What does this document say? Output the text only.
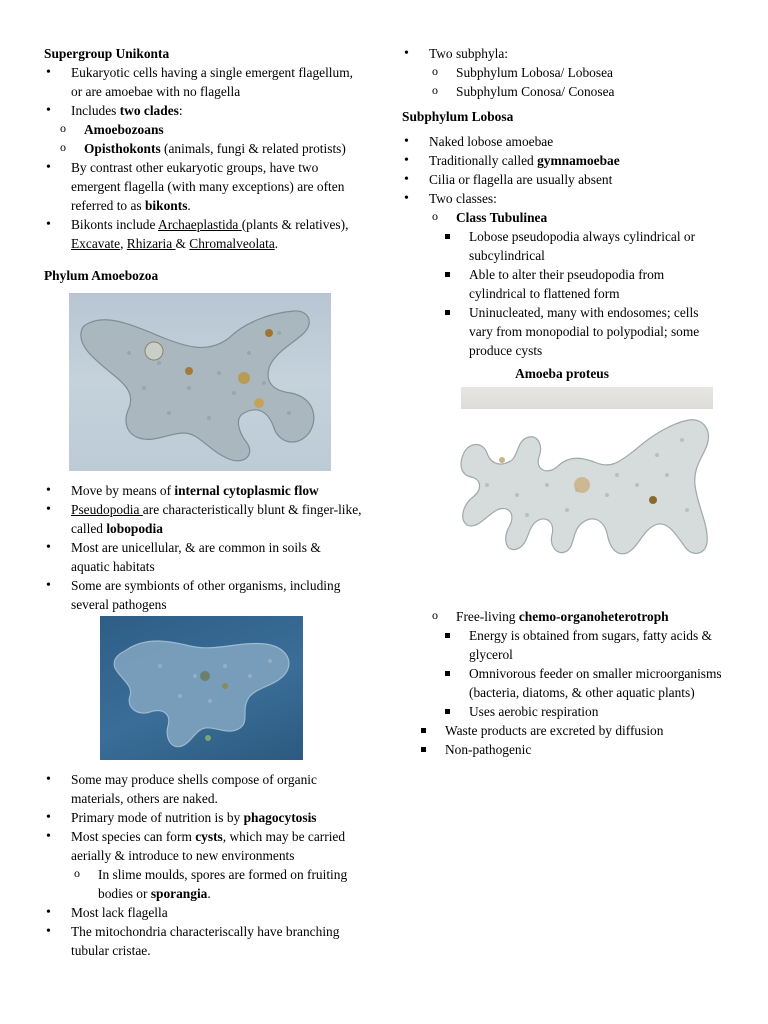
Supergroup Unikonta
• Eukaryotic cells having a single emergent flagellum, or are amoebae with no flagella
• Includes two clades:
o Amoebozoans
o Opisthokonts (animals, fungi & related protists)
• By contrast other eukaryotic groups, have two emergent flagella (with many exceptions) are often referred to as bikonts.
• Bikonts include Archaeplastida (plants & relatives), Excavate, Rhizaria & Chromalveolata.
Phylum Amoebozoa
• Move by means of internal cytoplasmic flow
• Pseudopodia are characteristically blunt & finger-like, called lobopodia
• Most are unicellular, & are common in soils & aquatic habitats
• Some are symbionts of other organisms, including several pathogens
• Some may produce shells compose of organic materials, others are naked.
• Primary mode of nutrition is by phagocytosis
• Most species can form cysts, which may be carried aerially & introduce to new environments
o In slime moulds, spores are formed on fruiting bodies or sporangia.
• Most lack flagella
• The mitochondria characteriscally have branching tubular cristae.
• Two subphyla:
o Subphylum Lobosa/ Lobosea
o Subphylum Conosa/ Conosea
Subphylum Lobosa
• Naked lobose amoebae
• Traditionally called gymnamoebae
• Cilia or flagella are usually absent
• Two classes:
o Class Tubulinea
Lobose pseudopodia always cylindrical or subcylindrical
Able to alter their pseudopodia from cylindrical to flattened form
Uninucleated, many with endosomes; cells vary from monopodial to polypodial; some produce cysts
Amoeba proteus
o Free-living chemo-organoheterotroph
Energy is obtained from sugars, fatty acids & glycerol
Omnivorous feeder on smaller microorganisms (bacteria, diatoms, & other aquatic plants)
Uses aerobic respiration
Waste products are excreted by diffusion
Non-pathogenic
